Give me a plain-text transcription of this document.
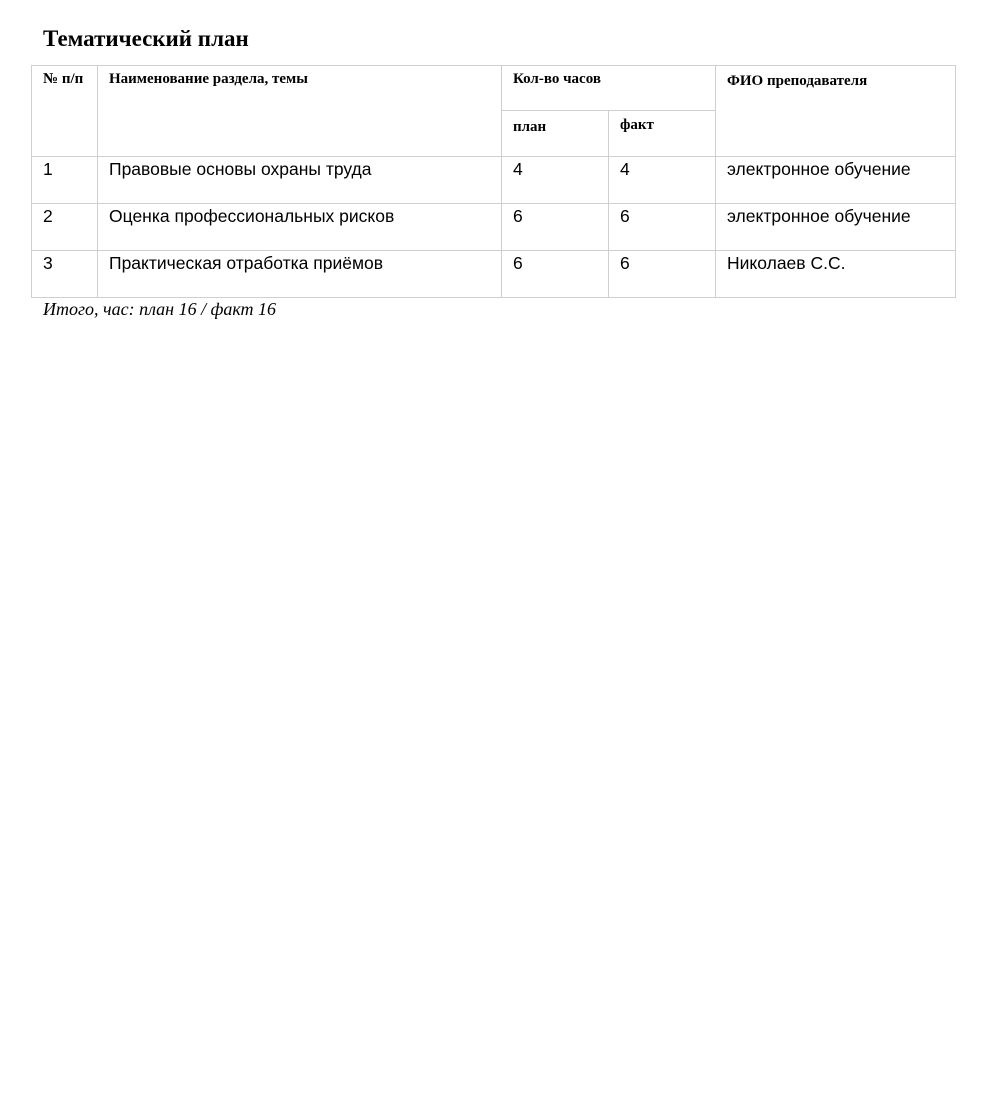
Тематический план
№ п/п	Наименование раздела, темы	Кол-во часов		ФИО преподавателя
		план	факт	
1	Правовые основы охраны труда	4	4	электронное обучение
2	Оценка профессиональных рисков	6	6	электронное обучение
3	Практическая отработка приёмов	6	6	Николаев С.С.

Итого, час: план 16 / факт 16
